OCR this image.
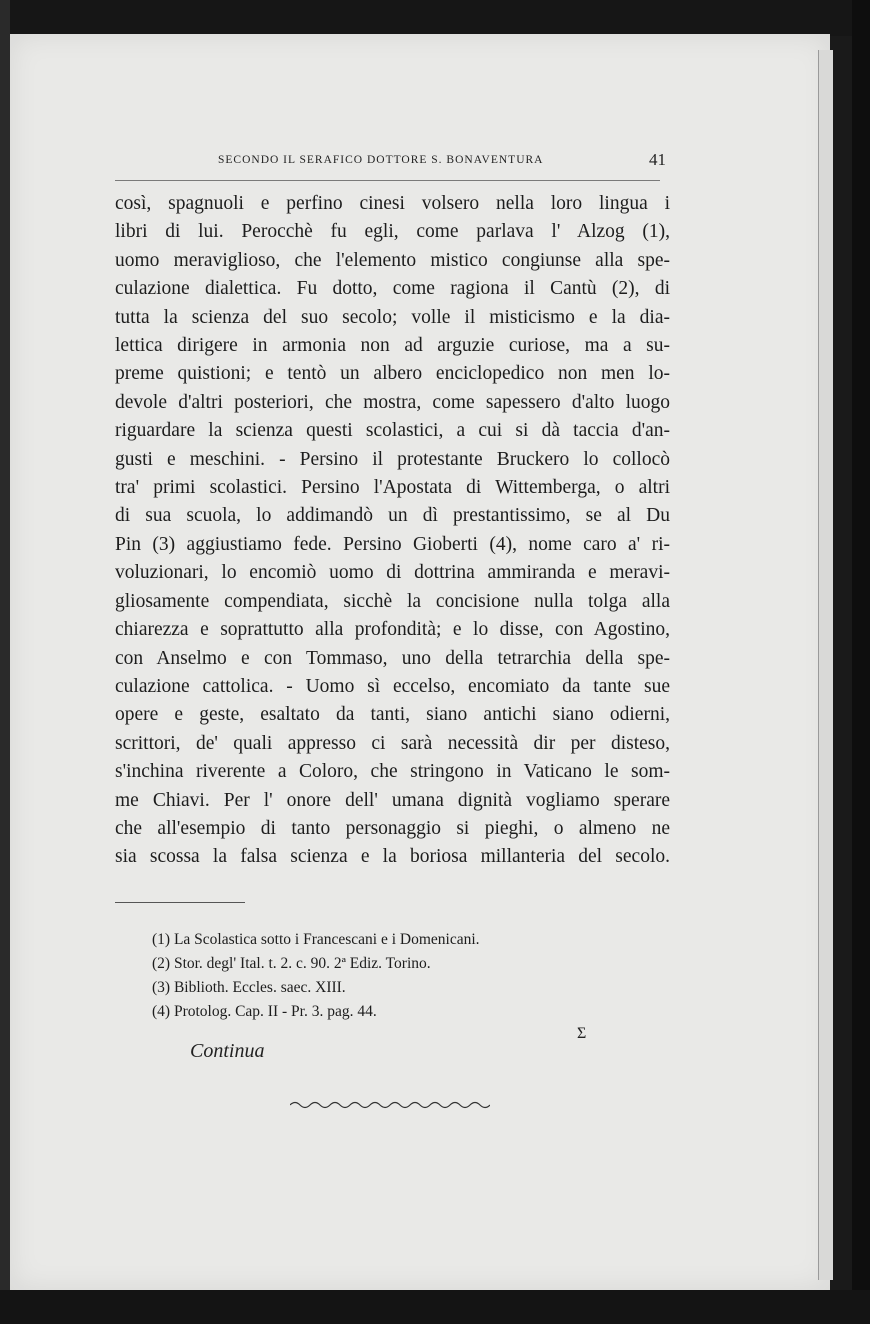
SECONDO IL SERAFICO DOTTORE S. BONAVENTURA	41
così, spagnuoli e perfino cinesi volsero nella loro lingua i
libri di lui. Perocchè fu egli, come parlava l' Alzog (1),
uomo meraviglioso, che l'elemento mistico congiunse alla spe-
culazione dialettica. Fu dotto, come ragiona il Cantù (2), di
tutta la scienza del suo secolo; volle il misticismo e la dia-
lettica dirigere in armonia non ad arguzie curiose, ma a su-
preme quistioni; e tentò un albero enciclopedico non men lo-
devole d'altri posteriori, che mostra, come sapessero d'alto luogo
riguardare la scienza questi scolastici, a cui si dà taccia d'an-
gusti e meschini. - Persino il protestante Bruckero lo collocò
tra' primi scolastici. Persino l'Apostata di Wittemberga, o altri
di sua scuola, lo addimandò un dì prestantissimo, se al Du
Pin (3) aggiustiamo fede. Persino Gioberti (4), nome caro a' ri-
voluzionari, lo encomiò uomo di dottrina ammiranda e meravi-
gliosamente compendiata, sicchè la concisione nulla tolga alla
chiarezza e soprattutto alla profondità; e lo disse, con Agostino,
con Anselmo e con Tommaso, uno della tetrarchia della spe-
culazione cattolica. - Uomo sì eccelso, encomiato da tante sue
opere e geste, esaltato da tanti, siano antichi siano odierni,
scrittori, de' quali appresso ci sarà necessità dir per disteso,
s'inchina riverente a Coloro, che stringono in Vaticano le som-
me Chiavi. Per l' onore dell' umana dignità vogliamo sperare
che all'esempio di tanto personaggio si pieghi, o almeno ne
sia scossa la falsa scienza e la boriosa millanteria del secolo.
(1) La Scolastica sotto i Francescani e i Domenicani.
(2) Stor. degl' Ital. t. 2. c. 90. 2ª Ediz. Torino.
(3) Biblioth. Eccles. saec. XIII.
(4) Protolog. Cap. II - Pr. 3. pag. 44.
Σ
Continua
